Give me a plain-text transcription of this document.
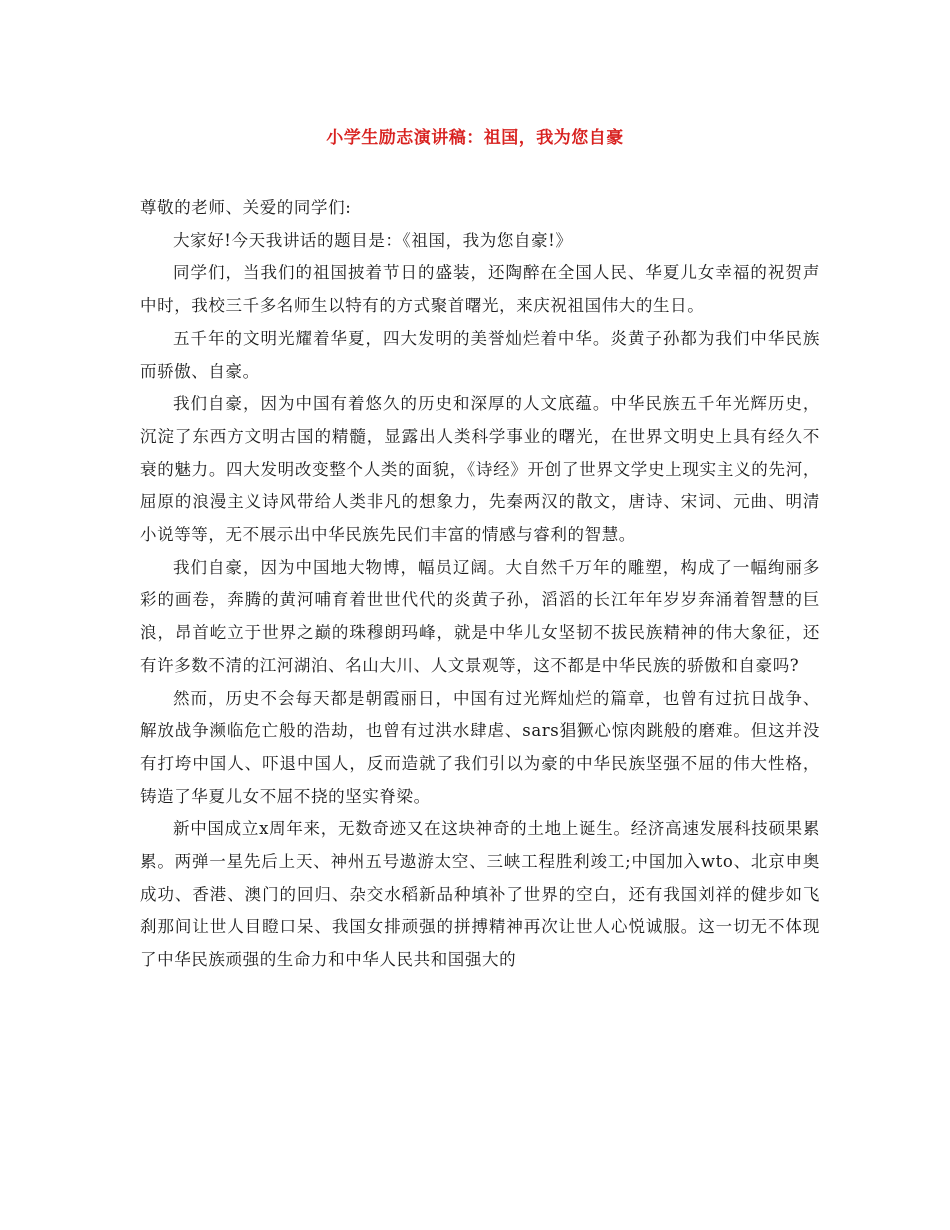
小学生励志演讲稿：祖国，我为您自豪

尊敬的老师、关爱的同学们:

大家好!今天我讲话的题目是：《祖国，我为您自豪!》

同学们，当我们的祖国披着节日的盛装，还陶醉在全国人民、华夏儿女幸福的祝贺声中时，我校三千多名师生以特有的方式聚首曙光，来庆祝祖国伟大的生日。

五千年的文明光耀着华夏，四大发明的美誉灿烂着中华。炎黄子孙都为我们中华民族而骄傲、自豪。

我们自豪，因为中国有着悠久的历史和深厚的人文底蕴。中华民族五千年光辉历史，沉淀了东西方文明古国的精髓，显露出人类科学事业的曙光，在世界文明史上具有经久不衰的魅力。四大发明改变整个人类的面貌，《诗经》开创了世界文学史上现实主义的先河，屈原的浪漫主义诗风带给人类非凡的想象力，先秦两汉的散文，唐诗、宋词、元曲、明清小说等等，无不展示出中华民族先民们丰富的情感与睿利的智慧。

我们自豪，因为中国地大物博，幅员辽阔。大自然千万年的雕塑，构成了一幅绚丽多彩的画卷，奔腾的黄河哺育着世世代代的炎黄子孙，滔滔的长江年年岁岁奔涌着智慧的巨浪，昂首屹立于世界之巅的珠穆朗玛峰，就是中华儿女坚韧不拔民族精神的伟大象征，还有许多数不清的江河湖泊、名山大川、人文景观等，这不都是中华民族的骄傲和自豪吗?

然而，历史不会每天都是朝霞丽日，中国有过光辉灿烂的篇章，也曾有过抗日战争、解放战争濒临危亡般的浩劫，也曾有过洪水肆虐、sars猖獗心惊肉跳般的磨难。但这并没有打垮中国人、吓退中国人，反而造就了我们引以为豪的中华民族坚强不屈的伟大性格，铸造了华夏儿女不屈不挠的坚实脊梁。

新中国成立x周年来，无数奇迹又在这块神奇的土地上诞生。经济高速发展科技硕果累累。两弹一星先后上天、神州五号遨游太空、三峡工程胜利竣工;中国加入wto、北京申奥成功、香港、澳门的回归、杂交水稻新品种填补了世界的空白，还有我国刘祥的健步如飞刹那间让世人目瞪口呆、我国女排顽强的拼搏精神再次让世人心悦诚服。这一切无不体现了中华民族顽强的生命力和中华人民共和国强大的
